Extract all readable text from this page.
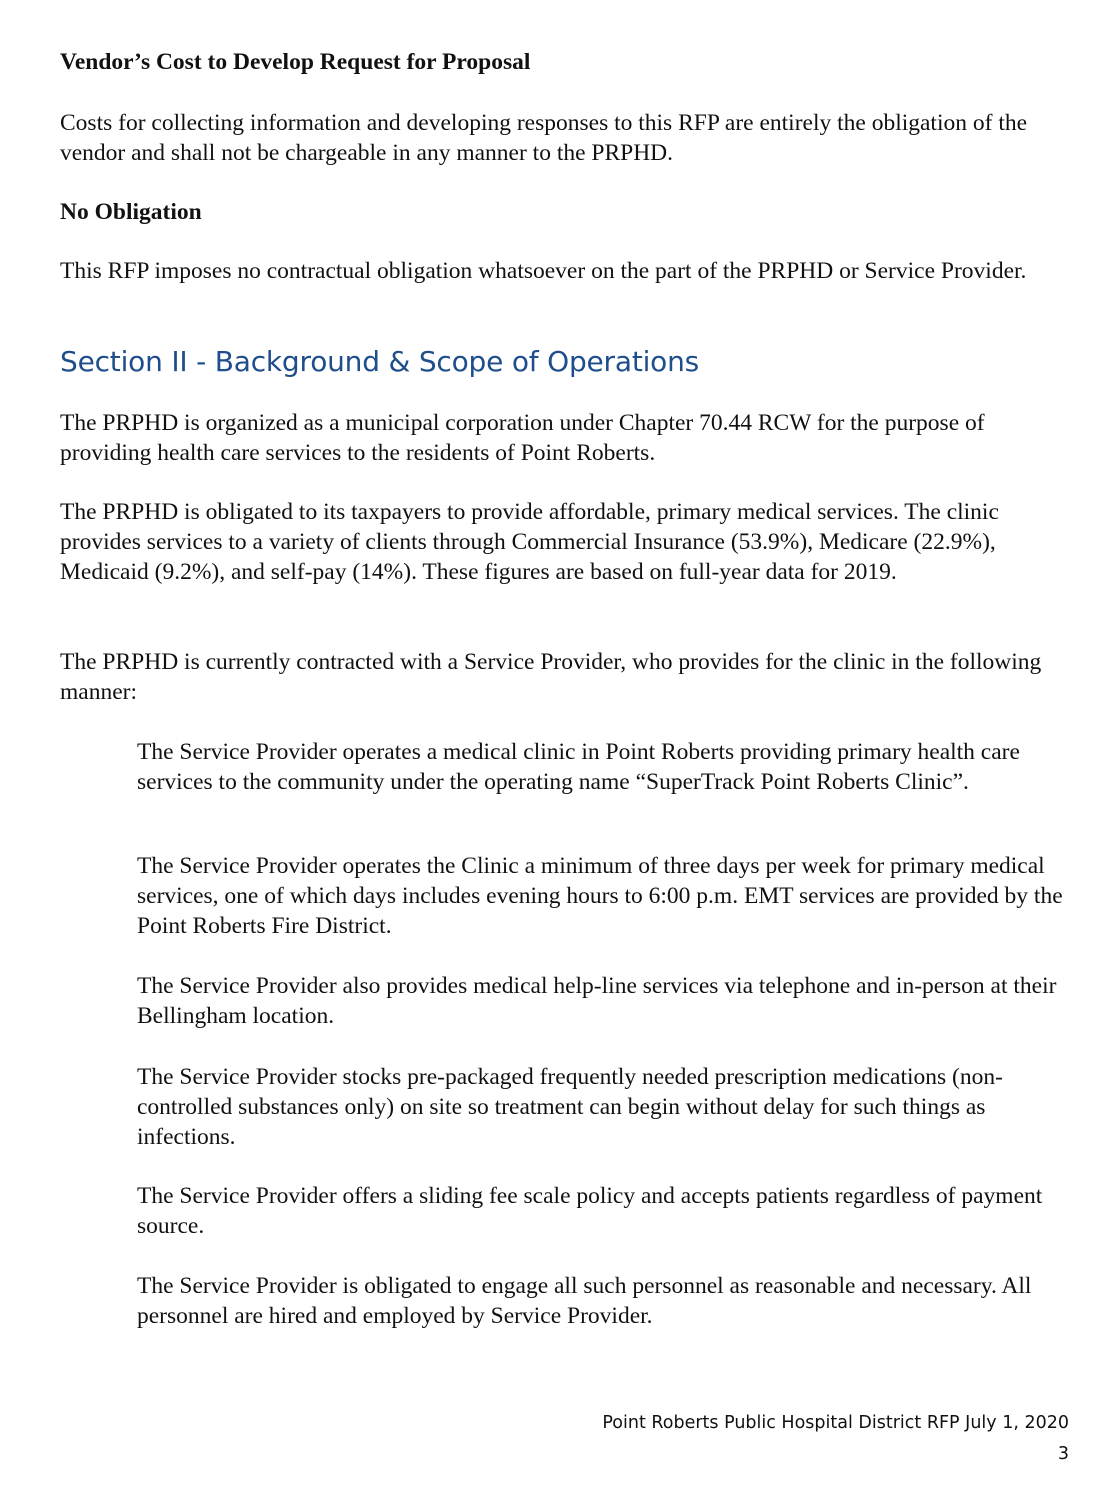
Vendor’s Cost to Develop Request for Proposal

Costs for collecting information and developing responses to this RFP are entirely the obligation of the vendor and shall not be chargeable in any manner to the PRPHD.

No Obligation

This RFP imposes no contractual obligation whatsoever on the part of the PRPHD or Service Provider.

Section II - Background & Scope of Operations

The PRPHD is organized as a municipal corporation under Chapter 70.44 RCW for the purpose of providing health care services to the residents of Point Roberts.

The PRPHD is obligated to its taxpayers to provide affordable, primary medical services. The clinic provides services to a variety of clients through Commercial Insurance (53.9%), Medicare (22.9%), Medicaid (9.2%), and self-pay (14%). These figures are based on full-year data for 2019.

The PRPHD is currently contracted with a Service Provider, who provides for the clinic in the following manner:

The Service Provider operates a medical clinic in Point Roberts providing primary health care services to the community under the operating name “SuperTrack Point Roberts Clinic”.

The Service Provider operates the Clinic a minimum of three days per week for primary medical services, one of which days includes evening hours to 6:00 p.m. EMT services are provided by the Point Roberts Fire District.

The Service Provider also provides medical help-line services via telephone and in-person at their Bellingham location.

The Service Provider stocks pre-packaged frequently needed prescription medications (non-controlled substances only) on site so treatment can begin without delay for such things as infections.

The Service Provider offers a sliding fee scale policy and accepts patients regardless of payment source.

The Service Provider is obligated to engage all such personnel as reasonable and necessary. All personnel are hired and employed by Service Provider.

Point Roberts Public Hospital District RFP July 1, 2020
3
